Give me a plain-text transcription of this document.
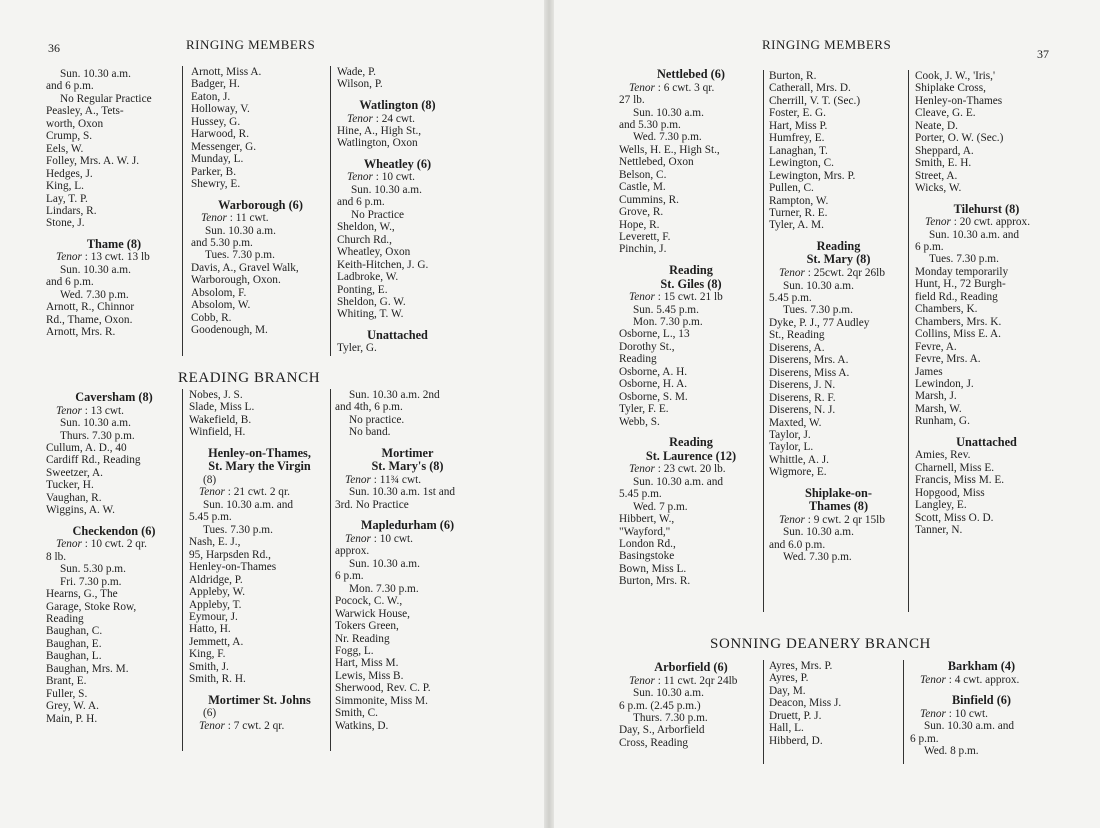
36	RINGING MEMBERS
Sun. 10.30 a.m.
and 6 p.m.
No Regular Practice
Peasley, A., Tets-
worth, Oxon
Crump, S.
Eels, W.
Folley, Mrs. A. W. J.
Hedges, J.
King, L.
Lay, T. P.
Lindars, R.
Stone, J.
Thame (8)
Tenor : 13 cwt. 13 lb
Sun. 10.30 a.m.
and 6 p.m.
Wed. 7.30 p.m.
Arnott, R., Chinnor
Rd., Thame, Oxon.
Arnott, Mrs. R.
Arnott, Miss A.
Badger, H.
Eaton, J.
Holloway, V.
Hussey, G.
Harwood, R.
Messenger, G.
Munday, L.
Parker, B.
Shewry, E.
Warborough (6)
Tenor : 11 cwt.
Sun. 10.30 a.m.
and 5.30 p.m.
Tues. 7.30 p.m.
Davis, A., Gravel Walk,
Warborough, Oxon.
Absolom, F.
Absolom, W.
Cobb, R.
Goodenough, M.
Wade, P.
Wilson, P.
Watlington (8)
Tenor : 24 cwt.
Hine, A., High St.,
Watlington, Oxon
Wheatley (6)
Tenor : 10 cwt.
Sun. 10.30 a.m.
and 6 p.m.
No Practice
Sheldon, W.,
Church Rd.,
Wheatley, Oxon
Keith-Hitchen, J. G.
Ladbroke, W.
Ponting, E.
Sheldon, G. W.
Whiting, T. W.
Unattached
Tyler, G.
READING BRANCH
Caversham (8)
Tenor : 13 cwt.
Sun. 10.30 a.m.
Thurs. 7.30 p.m.
Cullum, A. D., 40
Cardiff Rd., Reading
Sweetzer, A.
Tucker, H.
Vaughan, R.
Wiggins, A. W.
Checkendon (6)
Tenor : 10 cwt. 2 qr.
8 lb.
Sun. 5.30 p.m.
Fri. 7.30 p.m.
Hearns, G., The
Garage, Stoke Row,
Reading
Baughan, C.
Baughan, E.
Baughan, L.
Baughan, Mrs. M.
Brant, E.
Fuller, S.
Grey, W. A.
Main, P. H.
Nobes, J. S.
Slade, Miss L.
Wakefield, B.
Winfield, H.
Henley-on-Thames,
St. Mary the Virgin
(8)
Tenor : 21 cwt. 2 qr.
Sun. 10.30 a.m. and
5.45 p.m.
Tues. 7.30 p.m.
Nash, E. J.,
95, Harpsden Rd.,
Henley-on-Thames
Aldridge, P.
Appleby, W.
Appleby, T.
Eymour, J.
Hatto, H.
Jemmett, A.
King, F.
Smith, J.
Smith, R. H.
Mortimer St. Johns
(6)
Tenor : 7 cwt. 2 qr.
Sun. 10.30 a.m. 2nd
and 4th, 6 p.m.
No practice.
No band.
Mortimer
St. Mary's (8)
Tenor : 11¾ cwt.
Sun. 10.30 a.m. 1st and
3rd. No Practice
Mapledurham (6)
Tenor : 10 cwt.
approx.
Sun. 10.30 a.m.
6 p.m.
Mon. 7.30 p.m.
Pocock, C. W.,
Warwick House,
Tokers Green,
Nr. Reading
Fogg, L.
Hart, Miss M.
Lewis, Miss B.
Sherwood, Rev. C. P.
Simmonite, Miss M.
Smith, C.
Watkins, D.
RINGING MEMBERS
37
Nettlebed (6)
Tenor : 6 cwt. 3 qr.
27 lb.
Sun. 10.30 a.m.
and 5.30 p.m.
Wed. 7.30 p.m.
Wells, H. E., High St.,
Nettlebed, Oxon
Belson, C.
Castle, M.
Cummins, R.
Grove, R.
Hope, R.
Leverett, F.
Pinchin, J.
Reading
St. Giles (8)
Tenor : 15 cwt. 21 lb
Sun. 5.45 p.m.
Mon. 7.30 p.m.
Osborne, L., 13
Dorothy St.,
Reading
Osborne, A. H.
Osborne, H. A.
Osborne, S. M.
Tyler, F. E.
Webb, S.
Reading
St. Laurence (12)
Tenor : 23 cwt. 20 lb.
Sun. 10.30 a.m. and
5.45 p.m.
Wed. 7 p.m.
Hibbert, W.,
"Wayford,"
London Rd.,
Basingstoke
Bown, Miss L.
Burton, Mrs. R.
Burton, R.
Catherall, Mrs. D.
Cherrill, V. T. (Sec.)
Foster, E. G.
Hart, Miss P.
Humfrey, E.
Lanaghan, T.
Lewington, C.
Lewington, Mrs. P.
Pullen, C.
Rampton, W.
Turner, R. E.
Tyler, A. M.
Reading
St. Mary (8)
Tenor : 25cwt. 2qr 26lb
Sun. 10.30 a.m.
5.45 p.m.
Tues. 7.30 p.m.
Dyke, P. J., 77 Audley
St., Reading
Diserens, A.
Diserens, Mrs. A.
Diserens, Miss A.
Diserens, J. N.
Diserens, R. F.
Diserens, N. J.
Maxted, W.
Taylor, J.
Taylor, L.
Whittle, A. J.
Wigmore, E.
Shiplake-on-
Thames (8)
Tenor : 9 cwt. 2 qr 15lb
Sun. 10.30 a.m.
and 6.0 p.m.
Wed. 7.30 p.m.
Cook, J. W., 'Iris,'
Shiplake Cross,
Henley-on-Thames
Cleave, G. E.
Neate, D.
Porter, O. W. (Sec.)
Sheppard, A.
Smith, E. H.
Street, A.
Wicks, W.
Tilehurst (8)
Tenor : 20 cwt. approx.
Sun. 10.30 a.m. and
6 p.m.
Tues. 7.30 p.m.
Monday temporarily
Hunt, H., 72 Burgh-
field Rd., Reading
Chambers, K.
Chambers, Mrs. K.
Collins, Miss E. A.
Fevre, A.
Fevre, Mrs. A.
James
Lewindon, J.
Marsh, J.
Marsh, W.
Runham, G.
Unattached
Amies, Rev.
Charnell, Miss E.
Francis, Miss M. E.
Hopgood, Miss
Langley, E.
Scott, Miss O. D.
Tanner, N.
SONNING DEANERY BRANCH
Arborfield (6)
Tenor : 11 cwt. 2qr 24lb
Sun. 10.30 a.m.
6 p.m. (2.45 p.m.)
Thurs. 7.30 p.m.
Day, S., Arborfield
Cross, Reading
Ayres, Mrs. P.
Ayres, P.
Day, M.
Deacon, Miss J.
Druett, P. J.
Hall, L.
Hibberd, D.
Barkham (4)
Tenor : 4 cwt. approx.
Binfield (6)
Tenor : 10 cwt.
Sun. 10.30 a.m. and
6 p.m.
Wed. 8 p.m.
